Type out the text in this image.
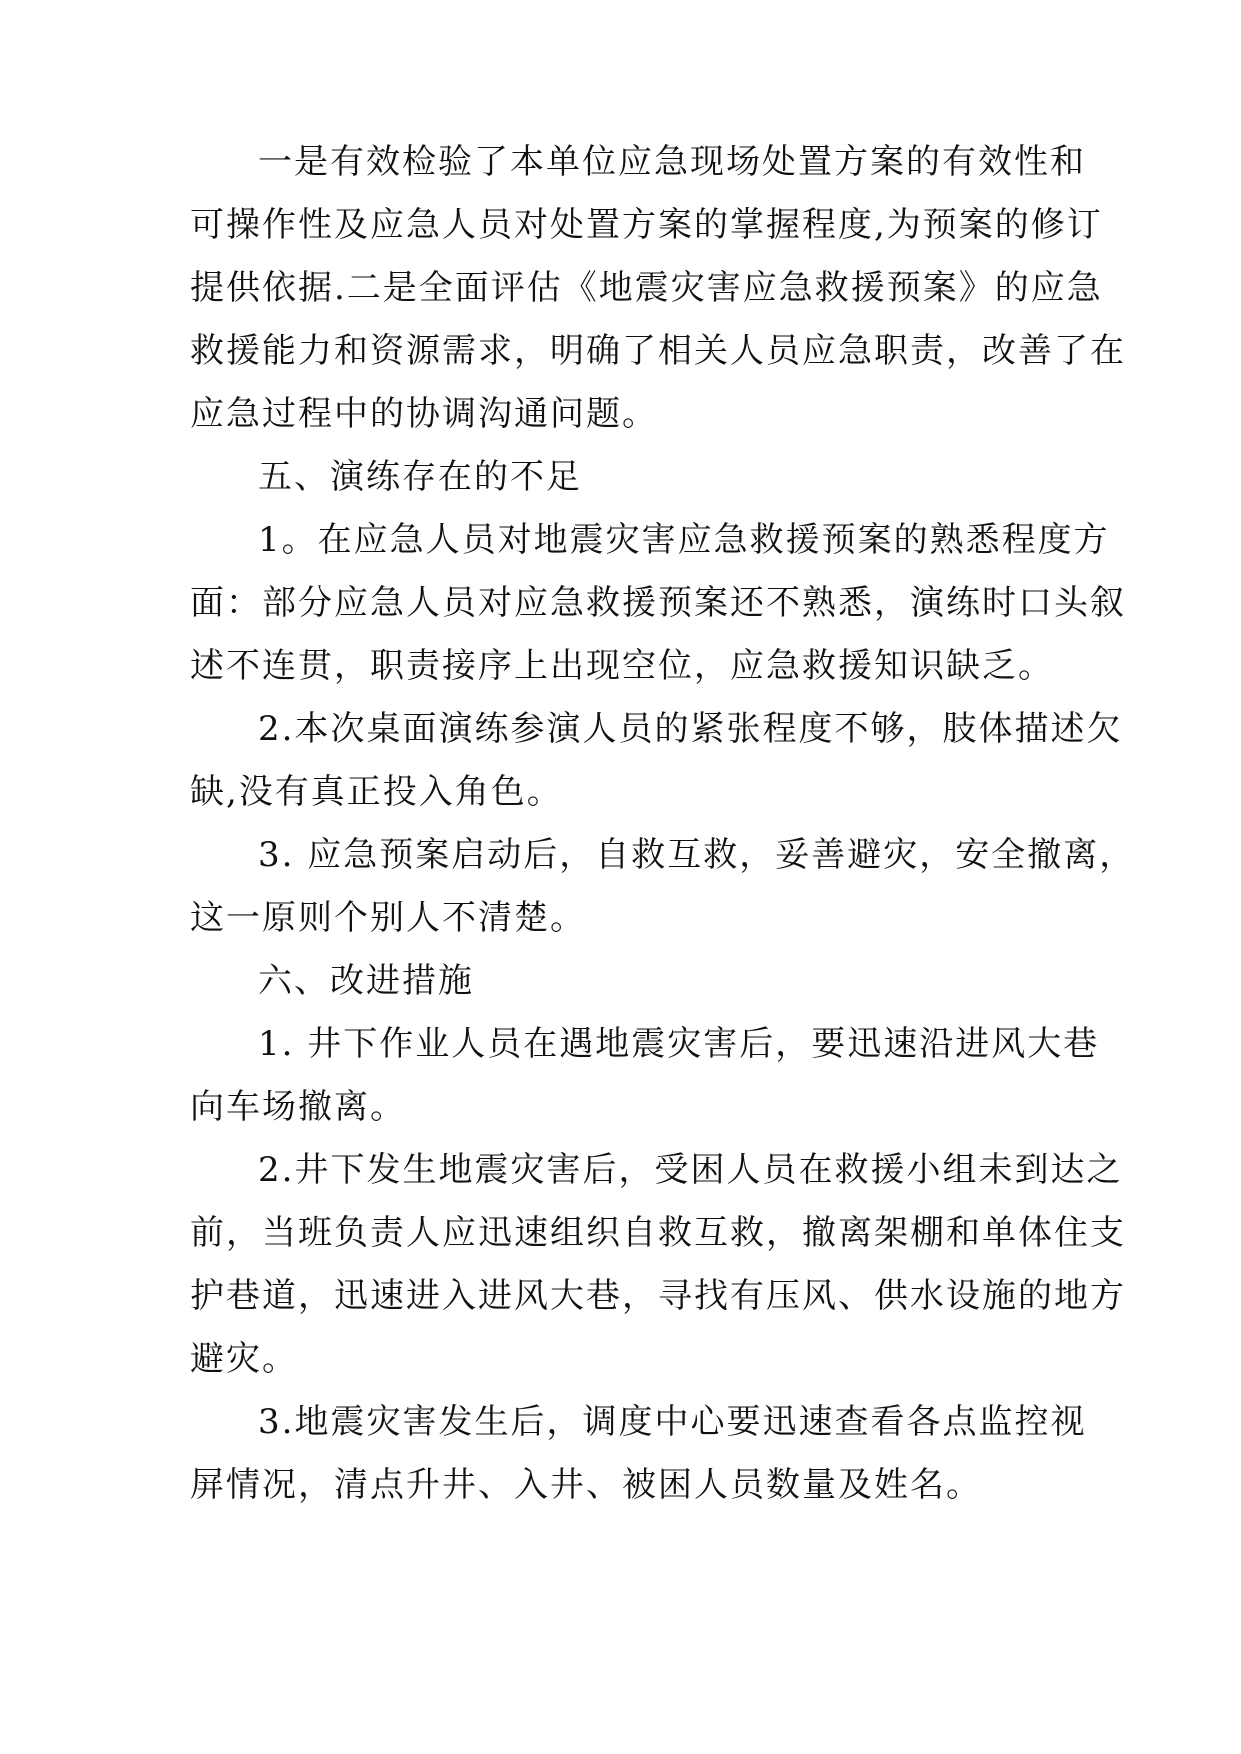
一是有效检验了本单位应急现场处置方案的有效性和
可操作性及应急人员对处置方案的掌握程度,为预案的修订
提供依据.二是全面评估《地震灾害应急救援预案》的应急
救援能力和资源需求，明确了相关人员应急职责，改善了在
应急过程中的协调沟通问题。
五、演练存在的不足
1。在应急人员对地震灾害应急救援预案的熟悉程度方
面：部分应急人员对应急救援预案还不熟悉，演练时口头叙
述不连贯，职责接序上出现空位，应急救援知识缺乏。
2.本次桌面演练参演人员的紧张程度不够，肢体描述欠
缺,没有真正投入角色。
3. 应急预案启动后，自救互救，妥善避灾，安全撤离，
这一原则个别人不清楚。
六、改进措施
1. 井下作业人员在遇地震灾害后，要迅速沿进风大巷
向车场撤离。
2.井下发生地震灾害后，受困人员在救援小组未到达之
前，当班负责人应迅速组织自救互救，撤离架棚和单体住支
护巷道，迅速进入进风大巷，寻找有压风、供水设施的地方
避灾。
3.地震灾害发生后，调度中心要迅速查看各点监控视
屏情况，清点升井、入井、被困人员数量及姓名。
